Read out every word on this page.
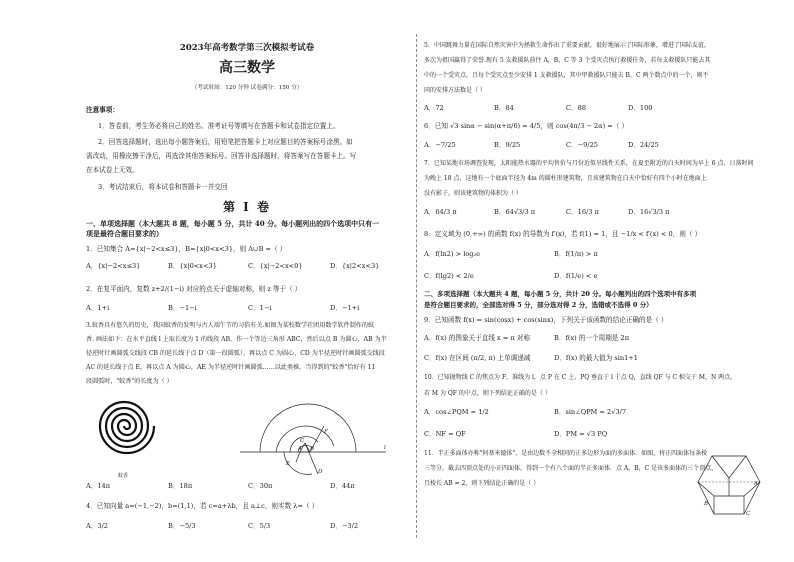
2023年高考数学第三次模拟考试卷
高三数学
（考试时间：120 分钟 试卷满分：150 分）
注意事项：
1．答卷前，考生务必将自己的姓名、准考证号等填写在答题卡和试卷指定位置上。
2．回答选择题时，选出每小题答案后，用铅笔把答题卡上对应题目的答案标号涂黑。如
需改动，用橡皮擦干净后，再选涂其他答案标号。回答非选择题时，将答案写在答题卡上。写
在本试卷上无效。
3．考试结束后，将本试卷和答题卡一并交回
第 I 卷
一、单项选择题（本大题共 8 题，每小题 5 分，共计 40 分。每小题列出的四个选项中只有一
项是最符合题目要求的）
1．已知集合 A={x|−2<x≤3}，B={x|0<x<3}，则 A∪B =（ ）
A．{x|−2<x≤3}	B．{x|0<x<3}	C．{x|−2<x<0}	D．{x|2<x<3}
2．在复平面内，复数 z+2/(1−i) 对应的点关于虚轴对称，则 z 等于（ ）
A．1+i	B．−1−i	C．1−i	D．−1+i
3.蚊香具有悠久的历史，我国蚊香的发明与古人端午节的习俗有关.如图为某校数学社团用数学软件制作的蚊
香. 画法如下：在水平直线 l 上取长度为 1 的线段 AB，作一个等边三角形 ABC，然后以点 B 为圆心，AB 为半
径逆时针画圆弧交线段 CB 的延长线于点 D（第一段圆弧），再以点 C 为圆心，CD 为半径逆时针画圆弧交线段
AC 的延长线于点 E，再以点 A 为圆心，AE 为半径逆时针画圆弧……以此类推，当得到的"蚊香"恰好有 11
段圆弧时，"蚊香"的长度为（ ）
蚊香
A B
C
D
E
F
l
A．14π	B．18π	C．30π	D．44π
4．已知向量 a=(−1,−2)，b=(1,1)，若 c=a+λb，且 a⊥c，则实数 λ=（ ）
A．3/2	B．−5/3	C．5/3	D．−3/2
5．中国跳舞力量在国际自然灾害中为拯救生命作出了重要贡献，很好地展示了国际形象，增进了国际友谊，
多次为祖国赢得了荣誉.现有 5 支救援队前往 A，B，C 等 3 个受灾点执行救援任务，若每支救援队只能去其
中的一个受灾点，且每个受灾点至少安排 1 支救援队，其中甲救援队只能去 B，C 两个数点中的一个，则不
同的安排方法数是（ ）
A．72	B．84	C．88	D．100
6．已知 √3 sinα − sin(α+π/6) = 4/5，则 cos(4π/3 − 2α) =（ ）
A．−7/25	B．9/25	C．−9/25	D．24/25
7．已知某地市场调查发现，太阳能热水器的平均售价与月份近似呈线性关系，在夏至附近的白天时间为早上 6 点，日落时间
为晚上 18 点，这地有一个底面半径为 4m 的圆柱形建筑物，且该建筑物在白天中恰好有四个小时在地面上
没有影子，则该建筑物的体积为（ ）
A．64/3 π	B．64√3/3 π	C．16/3 π	D．16√3/3 π
8．定义域为 (0,+∞) 的函数 f(x) 的导数为 f′(x)，若 f(1) = 1，且 −1/x < f′(x) < 0，则（ ）
A．f(ln2) > log₂e	B．f(1/π) > π
C．f(lg2) < 2/e	D．f(1/e) < e
二、多项选择题（本大题共 4 题，每小题 5 分，共计 20 分。每小题列出的四个选项中有多项
是符合题目要求的，全部选对得 5 分，部分选对得 2 分，选错或不选得 0 分）
9．已知函数 f(x) = sin(cosx) + cos(sinx)，下列关于该函数的结论正确的是（ ）
A．f(x) 的图象关于直线 x = π 对称	B．f(x) 的一个周期是 2π
C．f(x) 在区间 (π/2, π) 上单调递减	D．f(x) 的最大值为 sin1+1
10．已知抛物线 C 的焦点为 F，准线为 l，点 P 在 C 上，PQ 垂直于 l 于点 Q，直线 QF 与 C 相交于 M，N 两点，
若 M 为 QF 的中点，则下列结论正确的是（ ）
A．cos∠PQM = 1/2	B．sin∠QPM = 2√3/7
C．NF = QF	D．PM = √3 PQ
11．半正多面体亦称"阿基米德体"，是由边数不全相同的正多边形为面的多面体．如图，将正四面体每条棱
三等分，截去四顶点处的小正四面体，得到一个有八个面的半正多面体．点 A，B，C 是该多面体的三个顶点，
且棱长 AB = 2，则下列结论正确的是（ ）	A
B
C
